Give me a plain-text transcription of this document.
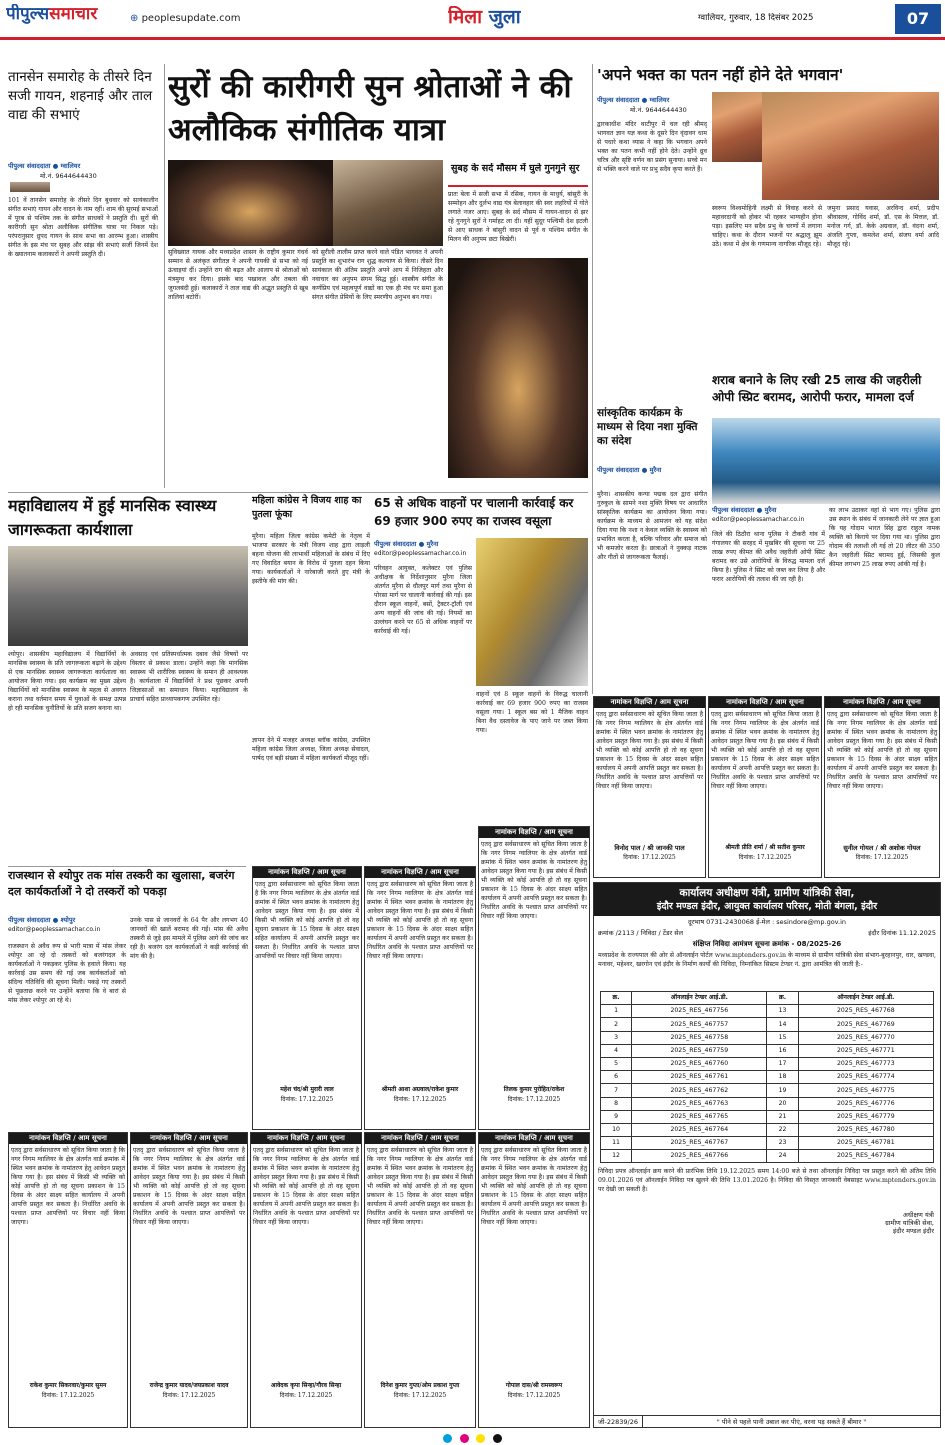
पीपुल्ससमाचार	⊕ peoplesupdate.com	मिला जुला	ग्वालियर, गुरुवार, 18 दिसंबर 2025	07
तानसेन समारोह के तीसरे दिन सजी गायन, शहनाई और ताल वाद्य की सभाएं
सुरों की कारीगरी सुन श्रोताओं ने की अलौकिक संगीतिक यात्रा
पीपुल्स संवाददाता ● ग्वालियर
मो.नं. 9644644430
101 वें तानसेन समारोह के तीसरे दिन बुधवार को सायंकालीन संगीत सभाएं गायन और वादन के नाम रहीं। शाम की सुरमई सभाओं में पूरब से पश्चिम तक के संगीत साधकों ने प्रस्तुति दी। सुरों की कारीगरी सुन श्रोता अलौकिक संगीतिक यात्रा पर निकल पड़े। परंपरानुसार ध्रुपद गायन के साथ सभा का आरम्भ हुआ। शास्त्रीय संगीत के इस मंच पर सुबह और सांझ की सभाएं सजीं जिनमें देश के ख्यातनाम कलाकारों ने अपनी प्रस्तुति दी।	सुविख्यात गायक और मध्यप्रदेश शासन के राष्ट्रीय कुमार गंधर्व सम्मान से अलंकृत संगीतज्ञ ने अपनी गायकी से सभा को नई ऊंचाइयां दीं। उन्होंने राग की बढ़त और आलाप से श्रोताओं को मंत्रमुग्ध कर दिया। इसके बाद पखावज और तबला की जुगलबंदी हुई। कलाकारों ने ताल वाद्य की अद्भुत प्रस्तुति से खूब तालियां बटोरीं।
को सुरीली तालीम प्राप्त करने वाले पंडित भागवत ने अपनी प्रस्तुति का शुभारंभ राग शुद्ध कल्याण से किया। तीसरे दिन सायंकाल की अंतिम प्रस्तुति अपने आप में निजिहता और नवाचार का अनुपम संगम सिद्ध हुई। शास्त्रीय संगीत के कर्णप्रिय एवं महत्वपूर्ण वाद्यों का एक ही मंच पर समा हुआ संगत संगीत प्रेमियों के लिए स्मरणीय अनुभव बन गया।
सुबह के सर्द मौसम में घुले गुनगुने सुर
प्रातः बेला में सजी सभा में रसिक, गायन के माधुर्य, बांसुरी के सम्मोहन और दुर्लभ वाद्य यंत्र बेलावहार की स्वर लहरियों में गोते लगाते नजर आए। सुबह के सर्द मौसम में गायन-वादन से झर रहे गुनगुने सुरों ने गर्माहट ला दी। यहीं सुदूर पश्चिमी देश इटली से आए साधक ने बांसुरी वादन से पूर्व व पश्चिम संगीत के मिलन की अनुपम छटा बिखेरी।
'अपने भक्त का पतन नहीं होने देते भगवान'
पीपुल्स संवाददाता ● ग्वालियर
मो.नं. 9644644430
द्वारकाधीश मंदिर थाटीपुर में चल रही श्रीमद् भागवत ज्ञान यज्ञ कथा के दूसरे दिन वृंदावन धाम से पधारे कथा व्यास ने कहा कि भगवान अपने भक्त का पतन कभी नहीं होने देते। उन्होंने ध्रुव चरित्र और सृष्टि वर्णन का प्रसंग सुनाया। सच्चे मन से भक्ति करने वाले पर प्रभु सदैव कृपा करते हैं।
स्वरूप विश्वमोहिनी लक्ष्मी से विवाह करने से महावरदानी को होकर भी रहकर भाग्यहीन होना पड़ा। इसलिए मन सदैव प्रभु के चरणों में लगाना चाहिए। कथा के दौरान भजनों पर श्रद्धालु झूम उठे। कथा में क्षेत्र के गणमान्य नागरिक मौजूद रहे।
जमुना प्रसाद यवास, अरविन्द शर्मा, प्रदीप श्रीवास्तव, गोविंद शर्मा, डॉ. एस के मित्तल, डॉ. मनोज गर्ग, डॉ. केके अग्रवाल, डॉ. वंदना शर्मा, अंजलि गुप्ता, कमलेश शर्मा, संजय वर्मा आदि मौजूद रहे।
सांस्कृतिक कार्यक्रम के माध्यम से दिया नशा मुक्ति का संदेश
पीपुल्स संवाददाता ● मुरैना
मुरैना। शासकीय कन्या पद्मक दल द्वारा संगीत गुरुकुल के सामने नशा मुक्ति विषय पर आधारित सांस्कृतिक कार्यक्रम का आयोजन किया गया। कार्यक्रम के माध्यम से आमजन को यह संदेश दिया गया कि नशा न केवल व्यक्ति के स्वास्थ्य को प्रभावित करता है, बल्कि परिवार और समाज को भी कमजोर करता है। छात्राओं ने नुक्कड़ नाटक और गीतों से जागरूकता फैलाई।
शराब बनाने के लिए रखी 25 लाख की जहरीली ओपी स्प्रिट बरामद, आरोपी फरार, मामला दर्ज
पीपुल्स संवाददाता ● मुरैना
editor@peoplessamachar.co.in
जिले की ठिठौरा थाना पुलिस ने टीकरी गांव में गंगालयर की सरहद में मुखबिर की सूचना पर 25 लाख रुपए कीमत की अवैध जहरीली ओपी स्प्रिट बरामद कर उसे आरोपियों के विरुद्ध मामला दर्ज किया है। पुलिस ने स्प्रिट को जब्त कर लिया है और फरार आरोपियों की तलाश की जा रही है।
का लाभ उठाकर वहां से भाग गए। पुलिस द्वारा उस स्थान के संबंध में जानकारी लेने पर ज्ञात हुआ कि यह गोदाम भारत सिंह द्वारा राहुल नामक व्यक्ति को किराये पर दिया गया था। पुलिस द्वारा गोदाम की तलाशी ली गई तो 20 लीटर की 350 कैन जहरीली स्प्रिट बरामद हुई, जिसकी कुल कीमत लगभग 25 लाख रुपए आंकी गई है।
महाविद्यालय में हुई मानसिक स्वास्थ्य जागरूकता कार्यशाला
श्योपुर। शासकीय महाविद्यालय में विद्यार्थियों के मानसिक स्वास्थ्य के प्रति जागरूकता बढ़ाने के उद्देश्य से एक मानसिक स्वास्थ्य जागरूकता कार्यशाला का आयोजन किया गया। इस कार्यक्रम का मुख्य उद्देश्य विद्यार्थियों को मानसिक स्वास्थ्य के महत्व से अवगत कराना तथा वर्तमान समय में युवाओं के समक्ष उत्पन्न हो रही मानसिक चुनौतियों के प्रति सजग बनाना था।
अवसाद एवं प्रतिस्पर्धात्मक दबाव जैसे विषयों पर विस्तार से प्रकाश डाला। उन्होंने कहा कि मानसिक स्वास्थ्य भी शारीरिक स्वास्थ्य के समान ही आवश्यक है। कार्यशाला में विद्यार्थियों ने प्रश्न पूछकर अपनी जिज्ञासाओं का समाधान किया। महाविद्यालय के प्राचार्य सहित प्राध्यापकगण उपस्थित रहे।
महिला कांग्रेस ने विजय शाह का पुतला फूंका
मुरैना। महिला जिला कांग्रेस कमेटी के नेतृत्व में भाजपा सरकार के मंत्री विजय शाह द्वारा लाड़ली बहना योजना की लाभार्थी महिलाओं के संबंध में दिए गए विवादित बयान के विरोध में पुतला दहन किया गया। कार्यकर्ताओं ने नारेबाजी करते हुए मंत्री के इस्तीफे की मांग की।
ज्ञापन देने में मजहर अध्यक्ष ब्लॉक कांग्रेस, उपस्थित महिला कांग्रेस जिला अध्यक्ष, जिला अध्यक्ष सेवादल, पार्षद एवं बड़ी संख्या में महिला कार्यकर्ता मौजूद रहीं।
65 से अधिक वाहनों पर चालानी कार्रवाई कर 69 हजार 900 रुपए का राजस्व वसूला
पीपुल्स संवाददाता ● मुरैना
editor@peoplessamachar.co.in
परिवहन आयुक्त, कलेक्टर एवं पुलिस अधीक्षक के निर्देशानुसार मुरैना जिला अंतर्गत मुरैना से धौलपुर मार्ग तथा मुरैना से पोरसा मार्ग पर चालानी कार्रवाई की गई। इस दौरान स्कूल वाहनों, बसों, ट्रैक्टर-ट्रॉली एवं अन्य वाहनों की जांच की गई। नियमों का उल्लंघन करने पर 65 से अधिक वाहनों पर कार्रवाई की गई।
वाहनों एवं 8 स्कूल वाहनों के विरुद्ध चालानी कार्रवाई कर 69 हजार 900 रुपए का राजस्व वसूला गया। 1 स्कूल बस को 1 मैजिक वाहन बिना वैध दस्तावेज के पाए जाने पर जब्त किया गया।
राजस्थान से श्योपुर तक मांस तस्करी का खुलासा, बजरंग दल कार्यकर्ताओं ने दो तस्करों को पकड़ा
पीपुल्स संवाददाता ● श्योपुर
editor@peoplessamachar.co.in
राजस्थान से अवैध रूप से भारी मात्रा में मांस लेकर श्योपुर आ रहे दो तस्करों को बजरंगदल के कार्यकर्ताओं ने पकड़कर पुलिस के हवाले किया। यह कार्रवाई उस समय की गई जब कार्यकर्ताओं को संदिग्ध गतिविधि की सूचना मिली। पकड़े गए तस्करों से पूछताछ करने पर उन्होंने बताया कि वे बारां से मांस लेकर श्योपुर आ रहे थे।
उनके पास से जानवरों के 64 पैर और लगभग 40 जानवरों की खालें बरामद की गईं। मांस की अवैध तस्करी से जुड़े इस मामले में पुलिस आगे की जांच कर रही है। बजरंग दल कार्यकर्ताओं ने कड़ी कार्रवाई की मांग की है।
नामांकन विज्ञप्ति / आम सूचना
एतद् द्वारा सर्वसाधारण को सूचित किया जाता है कि नगर निगम ग्वालियर के क्षेत्र अंतर्गत वार्ड क्रमांक में स्थित भवन क्रमांक के नामांतरण हेतु आवेदन प्रस्तुत किया गया है। इस संबंध में किसी भी व्यक्ति को कोई आपत्ति हो तो वह सूचना प्रकाशन के 15 दिवस के अंदर साक्ष्य सहित कार्यालय में अपनी आपत्ति प्रस्तुत कर सकता है। निर्धारित अवधि के पश्चात प्राप्त आपत्तियों पर विचार नहीं किया जाएगा।
महेश चंद/श्री मुरारी लाल
दिनांक: 17.12.2025
नामांकन विज्ञप्ति / आम सूचना
एतद् द्वारा सर्वसाधारण को सूचित किया जाता है कि नगर निगम ग्वालियर के क्षेत्र अंतर्गत वार्ड क्रमांक में स्थित भवन क्रमांक के नामांतरण हेतु आवेदन प्रस्तुत किया गया है। इस संबंध में किसी भी व्यक्ति को कोई आपत्ति हो तो वह सूचना प्रकाशन के 15 दिवस के अंदर साक्ष्य सहित कार्यालय में अपनी आपत्ति प्रस्तुत कर सकता है। निर्धारित अवधि के पश्चात प्राप्त आपत्तियों पर विचार नहीं किया जाएगा।
श्रीमती आशा अग्रवाल/राकेश कुमार
दिनांक: 17.12.2025
नामांकन विज्ञप्ति / आम सूचना
एतद् द्वारा सर्वसाधारण को सूचित किया जाता है कि नगर निगम ग्वालियर के क्षेत्र अंतर्गत वार्ड क्रमांक में स्थित भवन क्रमांक के नामांतरण हेतु आवेदन प्रस्तुत किया गया है। इस संबंध में किसी भी व्यक्ति को कोई आपत्ति हो तो वह सूचना प्रकाशन के 15 दिवस के अंदर साक्ष्य सहित कार्यालय में अपनी आपत्ति प्रस्तुत कर सकता है। निर्धारित अवधि के पश्चात प्राप्त आपत्तियों पर विचार नहीं किया जाएगा।
तिलक कुमार पुरोहित/राकेश
दिनांक: 17.12.2025
नामांकन विज्ञप्ति / आम सूचना
एतद् द्वारा सर्वसाधारण को सूचित किया जाता है कि नगर निगम ग्वालियर के क्षेत्र अंतर्गत वार्ड क्रमांक में स्थित भवन क्रमांक के नामांतरण हेतु आवेदन प्रस्तुत किया गया है। इस संबंध में किसी भी व्यक्ति को कोई आपत्ति हो तो वह सूचना प्रकाशन के 15 दिवस के अंदर साक्ष्य सहित कार्यालय में अपनी आपत्ति प्रस्तुत कर सकता है। निर्धारित अवधि के पश्चात प्राप्त आपत्तियों पर विचार नहीं किया जाएगा।
विनोद पाल / श्री जानकी पाल
दिनांक: 17.12.2025
नामांकन विज्ञप्ति / आम सूचना
एतद् द्वारा सर्वसाधारण को सूचित किया जाता है कि नगर निगम ग्वालियर के क्षेत्र अंतर्गत वार्ड क्रमांक में स्थित भवन क्रमांक के नामांतरण हेतु आवेदन प्रस्तुत किया गया है। इस संबंध में किसी भी व्यक्ति को कोई आपत्ति हो तो वह सूचना प्रकाशन के 15 दिवस के अंदर साक्ष्य सहित कार्यालय में अपनी आपत्ति प्रस्तुत कर सकता है। निर्धारित अवधि के पश्चात प्राप्त आपत्तियों पर विचार नहीं किया जाएगा।
श्रीमती प्रीति शर्मा / श्री सतीश कुमार
दिनांक: 17.12.2025
नामांकन विज्ञप्ति / आम सूचना
एतद् द्वारा सर्वसाधारण को सूचित किया जाता है कि नगर निगम ग्वालियर के क्षेत्र अंतर्गत वार्ड क्रमांक में स्थित भवन क्रमांक के नामांतरण हेतु आवेदन प्रस्तुत किया गया है। इस संबंध में किसी भी व्यक्ति को कोई आपत्ति हो तो वह सूचना प्रकाशन के 15 दिवस के अंदर साक्ष्य सहित कार्यालय में अपनी आपत्ति प्रस्तुत कर सकता है। निर्धारित अवधि के पश्चात प्राप्त आपत्तियों पर विचार नहीं किया जाएगा।
सुनील गोयल / श्री अशोक गोयल
दिनांक: 17.12.2025
नामांकन विज्ञप्ति / आम सूचना
एतद् द्वारा सर्वसाधारण को सूचित किया जाता है कि नगर निगम ग्वालियर के क्षेत्र अंतर्गत वार्ड क्रमांक में स्थित भवन क्रमांक के नामांतरण हेतु आवेदन प्रस्तुत किया गया है। इस संबंध में किसी भी व्यक्ति को कोई आपत्ति हो तो वह सूचना प्रकाशन के 15 दिवस के अंदर साक्ष्य सहित कार्यालय में अपनी आपत्ति प्रस्तुत कर सकता है। निर्धारित अवधि के पश्चात प्राप्त आपत्तियों पर विचार नहीं किया जाएगा।
राकेश कुमार सिकरवार/कुमार सुमन
दिनांक: 17.12.2025
नामांकन विज्ञप्ति / आम सूचना
एतद् द्वारा सर्वसाधारण को सूचित किया जाता है कि नगर निगम ग्वालियर के क्षेत्र अंतर्गत वार्ड क्रमांक में स्थित भवन क्रमांक के नामांतरण हेतु आवेदन प्रस्तुत किया गया है। इस संबंध में किसी भी व्यक्ति को कोई आपत्ति हो तो वह सूचना प्रकाशन के 15 दिवस के अंदर साक्ष्य सहित कार्यालय में अपनी आपत्ति प्रस्तुत कर सकता है। निर्धारित अवधि के पश्चात प्राप्त आपत्तियों पर विचार नहीं किया जाएगा।
राजेन्द्र कुमार यादव/जयप्रकाश यादव
दिनांक: 17.12.2025
नामांकन विज्ञप्ति / आम सूचना
एतद् द्वारा सर्वसाधारण को सूचित किया जाता है कि नगर निगम ग्वालियर के क्षेत्र अंतर्गत वार्ड क्रमांक में स्थित भवन क्रमांक के नामांतरण हेतु आवेदन प्रस्तुत किया गया है। इस संबंध में किसी भी व्यक्ति को कोई आपत्ति हो तो वह सूचना प्रकाशन के 15 दिवस के अंदर साक्ष्य सहित कार्यालय में अपनी आपत्ति प्रस्तुत कर सकता है। निर्धारित अवधि के पश्चात प्राप्त आपत्तियों पर विचार नहीं किया जाएगा।
आवेदक कृपा सिन्हा/गौरव सिन्हा
दिनांक: 17.12.2025
नामांकन विज्ञप्ति / आम सूचना
एतद् द्वारा सर्वसाधारण को सूचित किया जाता है कि नगर निगम ग्वालियर के क्षेत्र अंतर्गत वार्ड क्रमांक में स्थित भवन क्रमांक के नामांतरण हेतु आवेदन प्रस्तुत किया गया है। इस संबंध में किसी भी व्यक्ति को कोई आपत्ति हो तो वह सूचना प्रकाशन के 15 दिवस के अंदर साक्ष्य सहित कार्यालय में अपनी आपत्ति प्रस्तुत कर सकता है। निर्धारित अवधि के पश्चात प्राप्त आपत्तियों पर विचार नहीं किया जाएगा।
दिनेश कुमार गुप्ता/ओम प्रकाश गुप्ता
दिनांक: 17.12.2025
नामांकन विज्ञप्ति / आम सूचना
एतद् द्वारा सर्वसाधारण को सूचित किया जाता है कि नगर निगम ग्वालियर के क्षेत्र अंतर्गत वार्ड क्रमांक में स्थित भवन क्रमांक के नामांतरण हेतु आवेदन प्रस्तुत किया गया है। इस संबंध में किसी भी व्यक्ति को कोई आपत्ति हो तो वह सूचना प्रकाशन के 15 दिवस के अंदर साक्ष्य सहित कार्यालय में अपनी आपत्ति प्रस्तुत कर सकता है। निर्धारित अवधि के पश्चात प्राप्त आपत्तियों पर विचार नहीं किया जाएगा।
गोपाल दास/श्री रामस्वरूप
दिनांक: 17.12.2025
कार्यालय अधीक्षण यंत्री, ग्रामीण यांत्रिकी सेवा,
इंदौर मण्डल इंदौर, आयुक्त कार्यालय परिसर, मोती बंगला, इंदौर
दूरभाष 0731-2430068 ई-मेल : sesindore@mp.gov.in
क्रमांक /2113 / निविदा / टेंडर सेल	इंदौर दिनांक 11.12.2025
संक्षिप्त निविदा आमंत्रण सूचना क्रमांक - 08/2025-26
मध्यप्रदेश के राज्यपाल की ओर से ऑनलाईन पोर्टल www.mptenders.gov.in के माध्यम से ग्रामीण यांत्रिकी सेवा संभाग-बुरहानपुर, धार, खण्डवा, मनावर, महेश्वर, खरगोन एवं इंदौर के निर्माण कार्यों की निविदा, निम्नांकित सिस्टम टेण्डर नं. द्वारा आमंत्रित की जाती है:-
क्र.	ऑनलाईन टेण्डर आई.डी.	क्र.	ऑनलाईन टेण्डर आई.डी.
1	2025_RES_467756	13	2025_RES_467768
2	2025_RES_467757	14	2025_RES_467769
3	2025_RES_467758	15	2025_RES_467770
4	2025_RES_467759	16	2025_RES_467771
5	2025_RES_467760	17	2025_RES_467773
6	2025_RES_467761	18	2025_RES_467774
7	2025_RES_467762	19	2025_RES_467775
8	2025_RES_467763	20	2025_RES_467776
9	2025_RES_467765	21	2025_RES_467779
10	2025_RES_467764	22	2025_RES_467780
11	2025_RES_467767	23	2025_RES_467781
12	2025_RES_467766	24	2025_RES_467784
निविदा प्रपत्र ऑनलाईन क्रय करने की प्रारंभिक तिथि 19.12.2025 समय 14:00 बजे से तथा ऑनलाईन निविदा पत्र प्रस्तुत करने की अंतिम तिथि 09.01.2026 एवं ऑनलाईन निविदा पत्र खुलने की तिथि 13.01.2026 है। निविदा की विस्तृत जानकारी वेबसाइट www.mptenders.gov.in पर देखी जा सकती है।
अधीक्षण यंत्री
ग्रामीण यांत्रिकी सेवा,
इंदौर मण्डल इंदौर
जी-22839/26	" पीने से पहले पानी उबाल कर पीएं, वरना पड़ सकते हैं बीमार "
